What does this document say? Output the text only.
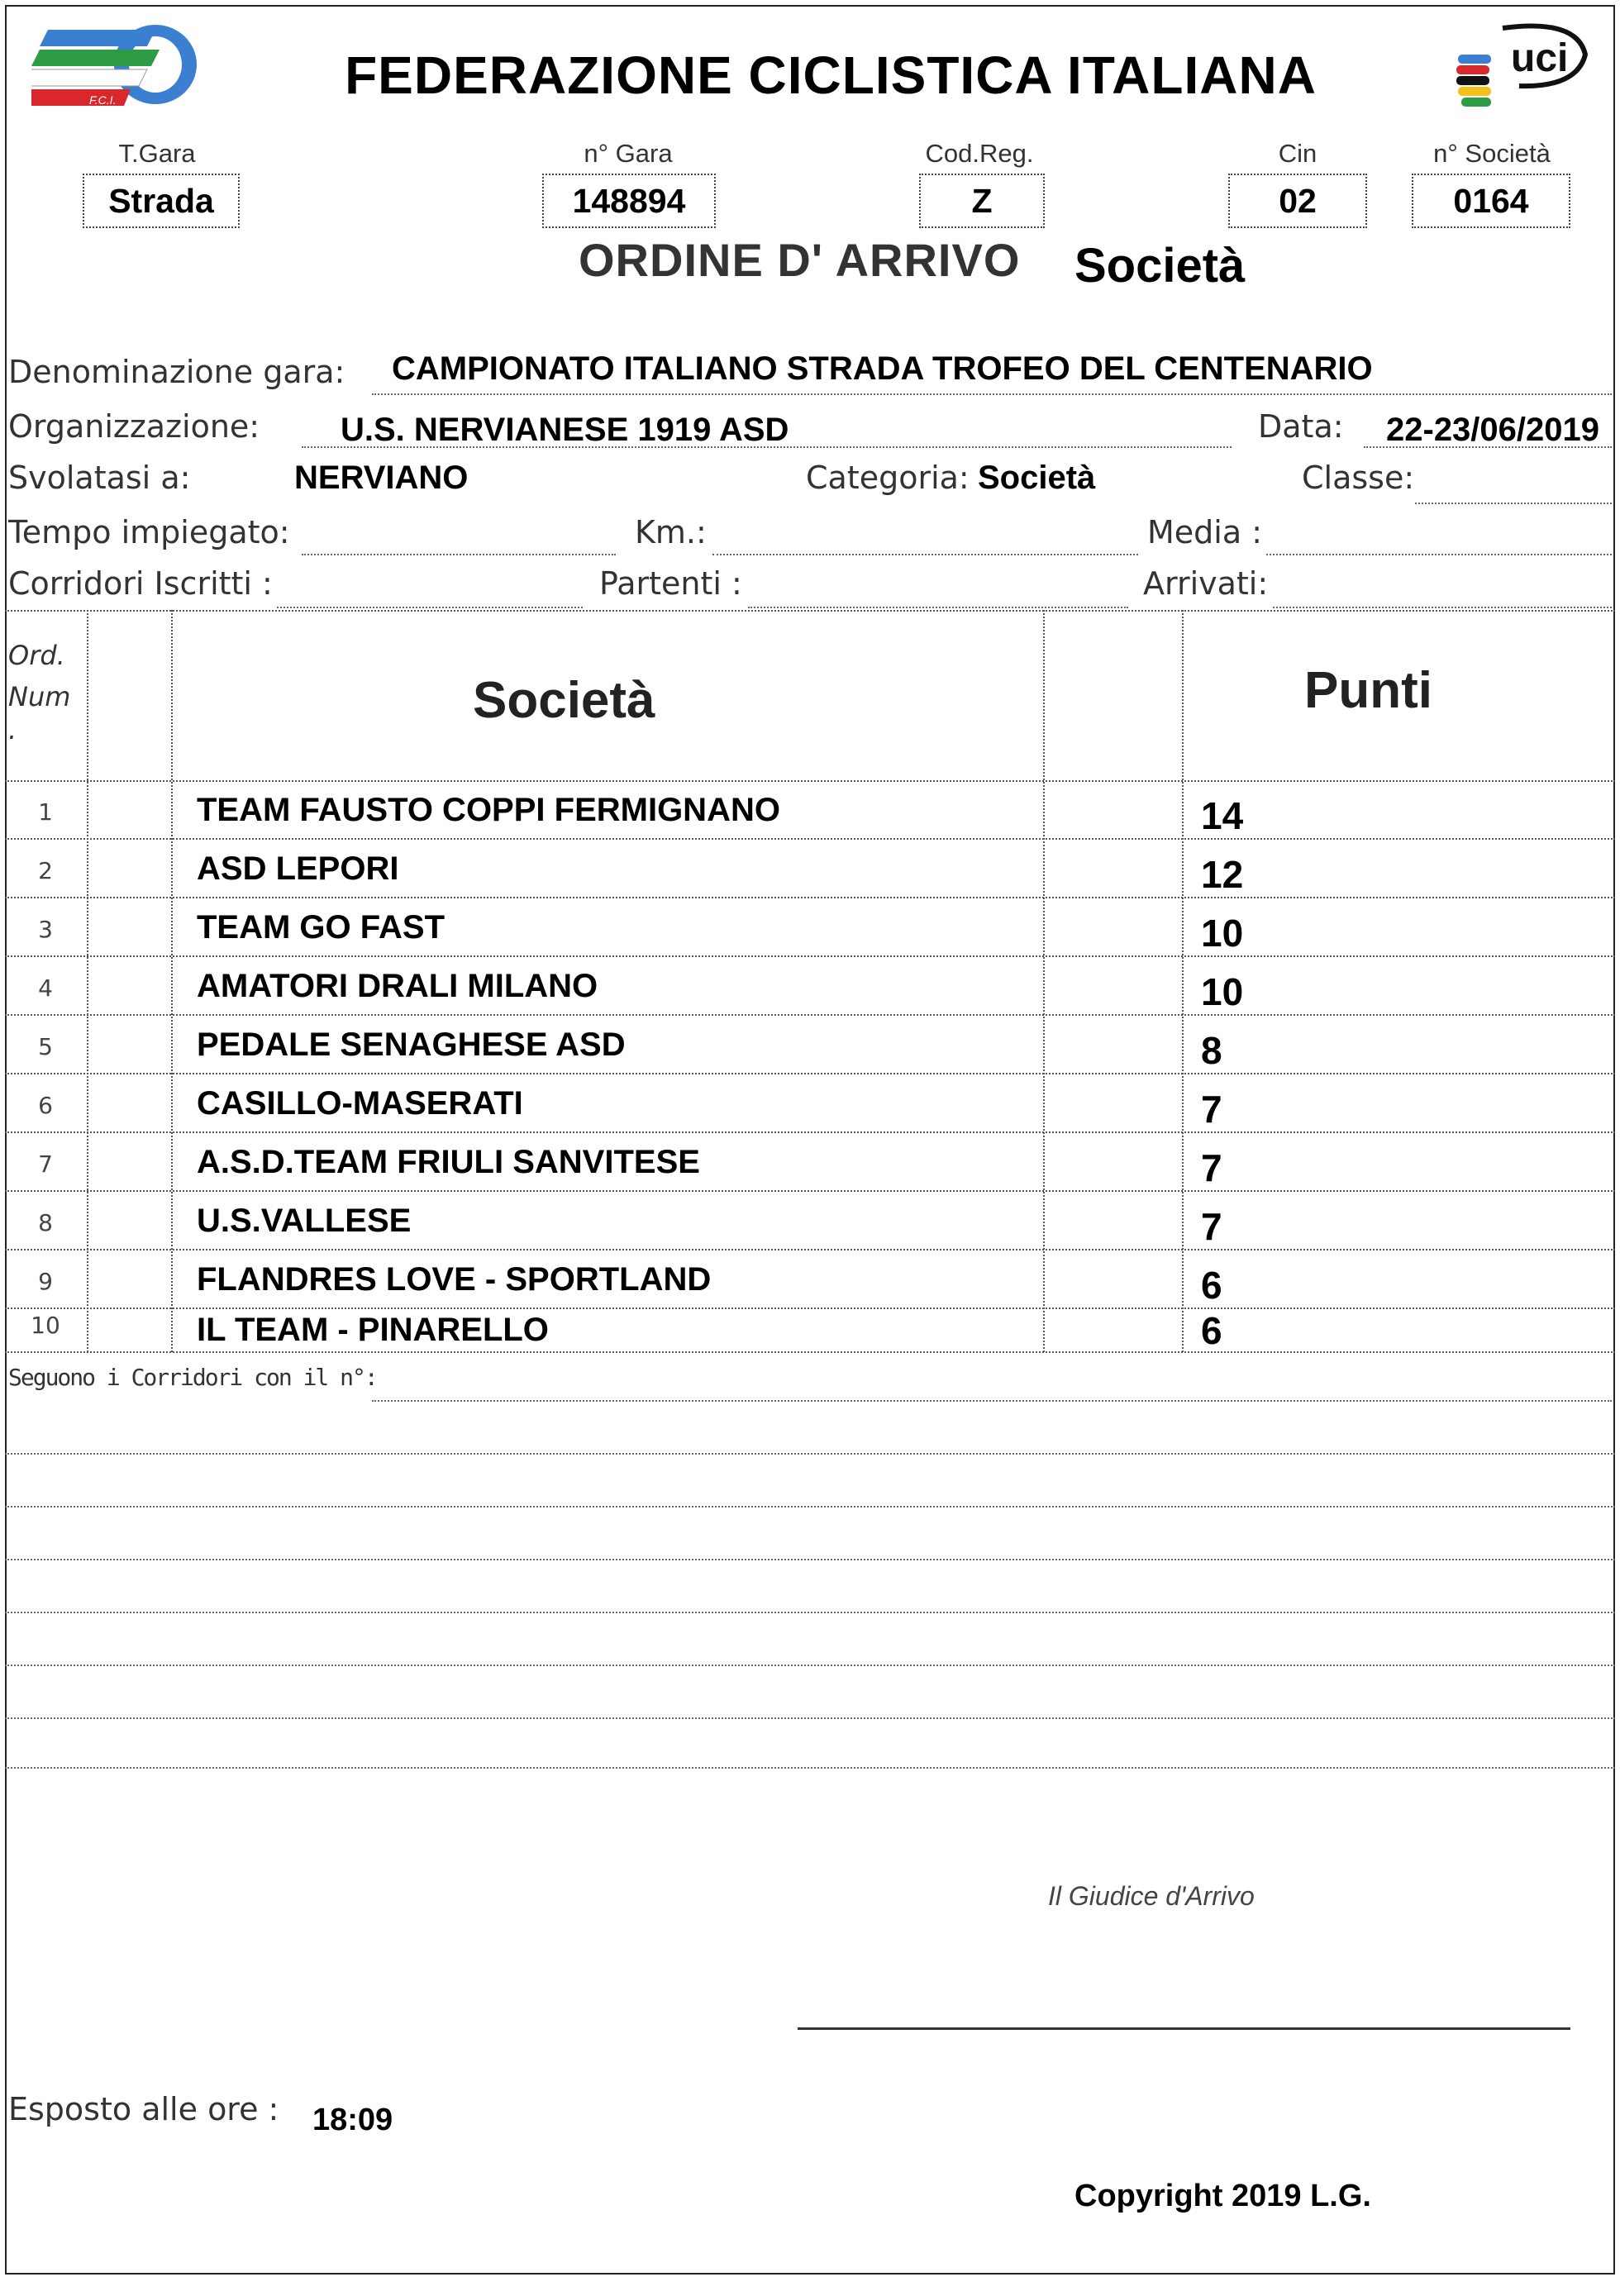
F.C.I.	FEDERAZIONE CICLISTICA ITALIANA	uci
T.Gara
Strada
n° Gara
148894
Cod.Reg.
Z
Cin
02
n° Società
0164
ORDINE D' ARRIVO Società
Denominazione gara: CAMPIONATO ITALIANO STRADA TROFEO DEL CENTENARIO
Organizzazione: U.S. NERVIANESE 1919 ASD	Data: 22-23/06/2019
Svolatasi a:	NERVIANO	Categoria: Società	Classe:
Tempo impiegato:	Km.:	Media :
Corridori Iscritti :	Partenti :	Arrivati:
Ord.
Num
.
Società	Punti
1	TEAM FAUSTO COPPI FERMIGNANO	14
2	ASD LEPORI	12
3	TEAM GO FAST	10
4	AMATORI DRALI MILANO	10
5	PEDALE SENAGHESE ASD	8
6	CASILLO-MASERATI	7
7	A.S.D.TEAM FRIULI SANVITESE	7
8	U.S.VALLESE	7
9	FLANDRES LOVE - SPORTLAND	6
10	IL TEAM - PINARELLO	6
Seguono i Corridori con il n°:
Il Giudice d'Arrivo
Esposto alle ore : 18:09
Copyright 2019 L.G.
